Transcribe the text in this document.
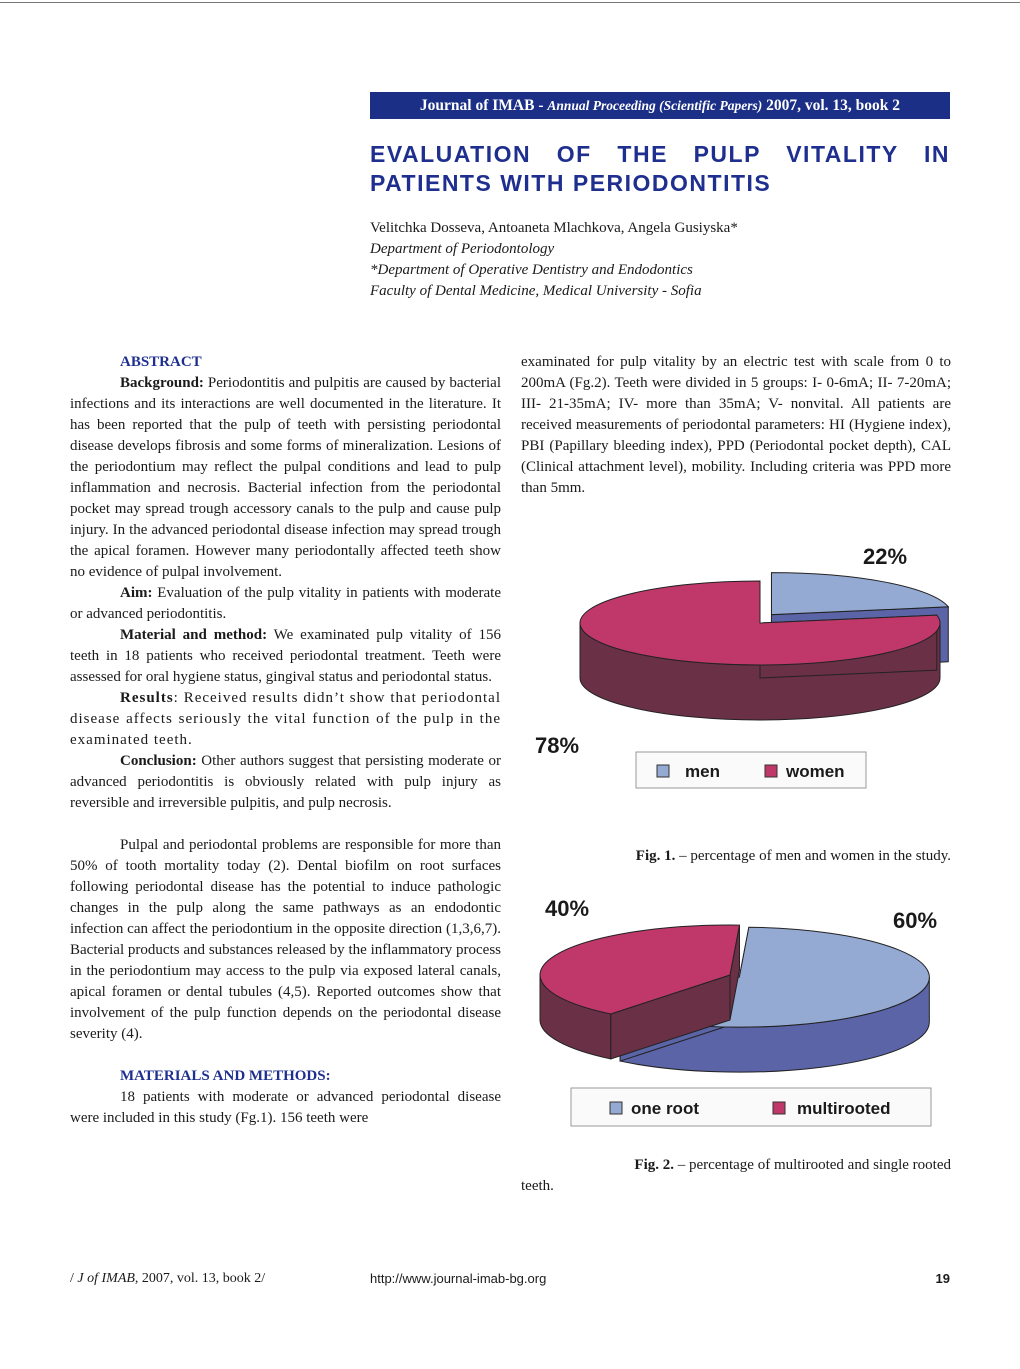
Journal of IMAB - Annual Proceeding (Scientific Papers) 2007, vol. 13, book 2
EVALUATION OF THE PULP VITALITY IN
PATIENTS WITH PERIODONTITIS
Velitchka Dosseva, Antoaneta Mlachkova, Angela Gusiyska*
Department of Periodontology
*Department of Operative Dentistry and Endodontics
Faculty of Dental Medicine, Medical University - Sofia

ABSTRACT

Background: Periodontitis and pulpitis are caused by bacterial infections and its interactions are well documented in the literature. It has been reported that the pulp of teeth with persisting periodontal disease develops fibrosis and some forms of mineralization. Lesions of the periodontium may reflect the pulpal conditions and lead to pulp inflammation and necrosis. Bacterial infection from the periodontal pocket may spread trough accessory canals to the pulp and cause pulp injury. In the advanced periodontal disease infection may spread trough the apical foramen. However many periodontally affected teeth show no evidence of pulpal involvement.

Aim: Evaluation of the pulp vitality in patients with moderate or advanced periodontitis.

Material and method: We examinated pulp vitality of 156 teeth in 18 patients who received periodontal treatment. Teeth were assessed for oral hygiene status, gingival status and periodontal status.

Results: Received results didn’t show that periodontal disease affects seriously the vital function of the pulp in the examinated teeth.

Conclusion: Other authors suggest that persisting moderate or advanced periodontitis is obviously related with pulp injury as reversible and irreversible pulpitis, and pulp necrosis.

Pulpal and periodontal problems are responsible for more than 50% of tooth mortality today (2). Dental biofilm on root surfaces following periodontal disease has the potential to induce pathologic changes in the pulp along the same pathways as an endodontic infection can affect the periodontium in the opposite direction (1,3,6,7). Bacterial products and substances released by the inflammatory process in the periodontium may access to the pulp via exposed lateral canals, apical foramen or dental tubules (4,5). Reported outcomes show that involvement of the pulp function depends on the periodontal disease severity (4).

MATERIALS AND METHODS:

18 patients with moderate or advanced periodontal disease were included in this study (Fg.1). 156 teeth were

examinated for pulp vitality by an electric test with scale from 0 to 200mA (Fg.2). Teeth were divided in 5 groups: I- 0-6mA; II- 7-20mA; III- 21-35mA; IV- more than 35mA; V- nonvital. All patients are received measurements of periodontal parameters: HI (Hygiene index), PBI (Papillary bleeding index), PPD (Periodontal pocket depth), CAL (Clinical attachment level), mobility. Including criteria was PPD more than 5mm.

22%
78%
men	women
Fig. 1. – percentage of men and women in the study.
40%	60%
one root	multirooted
Fig. 2. – percentage of multirooted and single rooted
teeth.
/ J of IMAB, 2007, vol. 13, book 2/	http://www.journal-imab-bg.org	19
